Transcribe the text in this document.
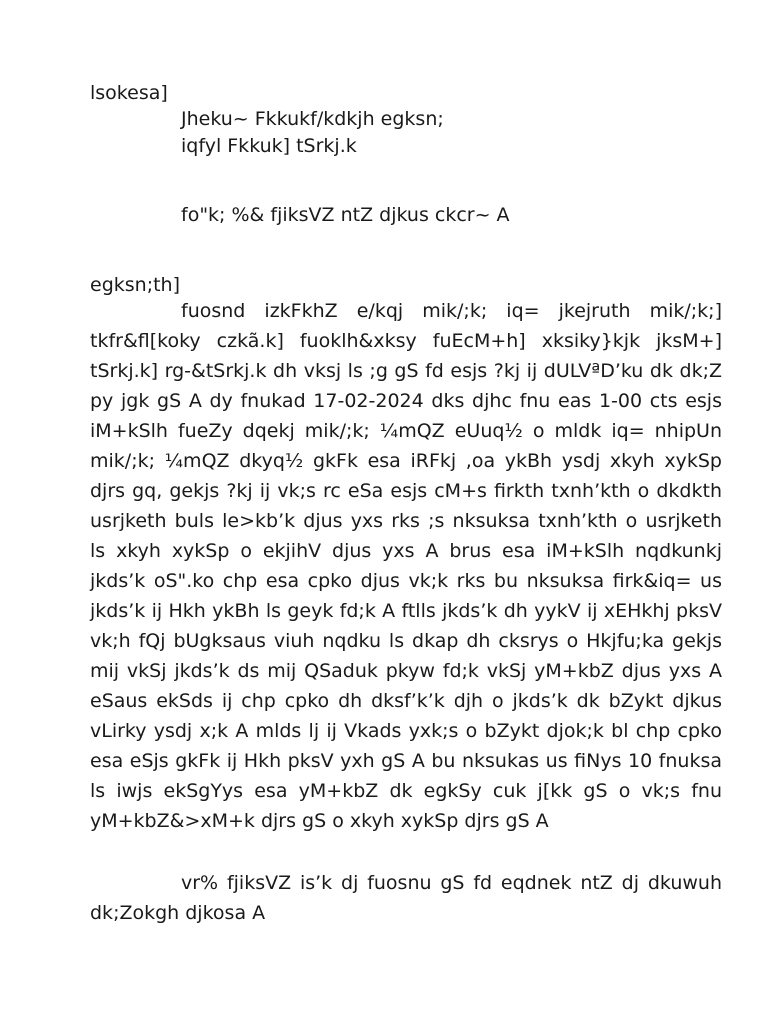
lsokesa]
Jheku~ Fkkukf/kdkjh egksn;
iqfyl Fkkuk] tSrkj.k
fo"k; %& fjiksVZ ntZ djkus ckcr~ A
egksn;th]

fuosnd izkFkhZ e/kqj mik/;k; iq= jkejruth mik/;k;] tkfr&fl[koky czkã.k] fuoklh&xksy fuEcM+h] xksiky}kjk jksM+] tSrkj.k] rg-&tSrkj.k dh vksj ls ;g gS fd esjs ?kj ij dULVªD’ku dk dk;Z py jgk gS A dy fnukad 17-02-2024 dks djhc fnu eas 1-00 cts esjs iM+kSlh fueZy dqekj mik/;k; ¼mQZ eUuq½ o mldk iq= nhipUn mik/;k; ¼mQZ dkyq½ gkFk esa iRFkj ,oa ykBh ysdj xkyh xykSp djrs gq, gekjs ?kj ij vk;s rc eSa esjs cM+s firkth txnh’kth o dkdkth usrjketh buls le>kb’k djus yxs rks ;s nksuksa txnh’kth o usrjketh ls xkyh xykSp o ekjihV djus yxs A brus esa iM+kSlh nqdkunkj jkds’k oS".ko chp esa cpko djus vk;k rks bu nksuksa firk&iq= us jkds’k ij Hkh ykBh ls geyk fd;k A ftlls jkds’k dh yykV ij xEHkhj pksV vk;h fQj bUgksaus viuh nqdku ls dkap dh cksrys o Hkjfu;ka gekjs mij vkSj jkds’k ds mij QSaduk pkyw fd;k vkSj yM+kbZ djus yxs A eSaus ekSds ij chp cpko dh dksf’k’k djh o jkds’k dk bZykt djkus vLirky ysdj x;k A mlds lj ij Vkads yxk;s o bZykt djok;k bl chp cpko esa eSjs gkFk ij Hkh pksV yxh gS A bu nksukas us fiNys 10 fnuksa ls iwjs ekSgYys esa yM+kbZ dk egkSy cuk j[kk gS o vk;s fnu yM+kbZ&>xM+k djrs gS o xkyh xykSp djrs gS A

vr% fjiksVZ is’k dj fuosnu gS fd eqdnek ntZ dj dkuwuh dk;Zokgh djkosa A
